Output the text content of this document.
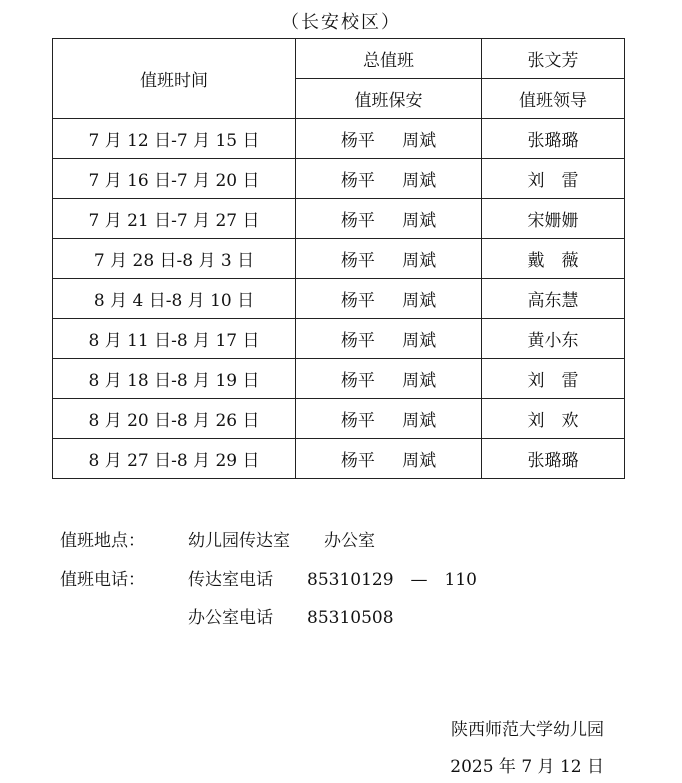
（长安校区）
值班时间	总值班	张文芳
	值班保安	值班领导
7 月 12 日-7 月 15 日	杨平 周斌	张璐璐
7 月 16 日-7 月 20 日	杨平 周斌	刘　雷
7 月 21 日-7 月 27 日	杨平 周斌	宋姗姗
7 月 28 日-8 月 3 日	杨平 周斌	戴　薇
8 月 4 日-8 月 10 日	杨平 周斌	高东慧
8 月 11 日-8 月 17 日	杨平 周斌	黄小东
8 月 18 日-8 月 19 日	杨平 周斌	刘　雷
8 月 20 日-8 月 26 日	杨平 周斌	刘　欢
8 月 27 日-8 月 29 日	杨平 周斌	张璐璐
值班地点：	幼儿园传达室　　办公室
值班电话：	传达室电话 85310129　—　110
办公室电话 85310508
陕西师范大学幼儿园
2025 年 7 月 12 日
